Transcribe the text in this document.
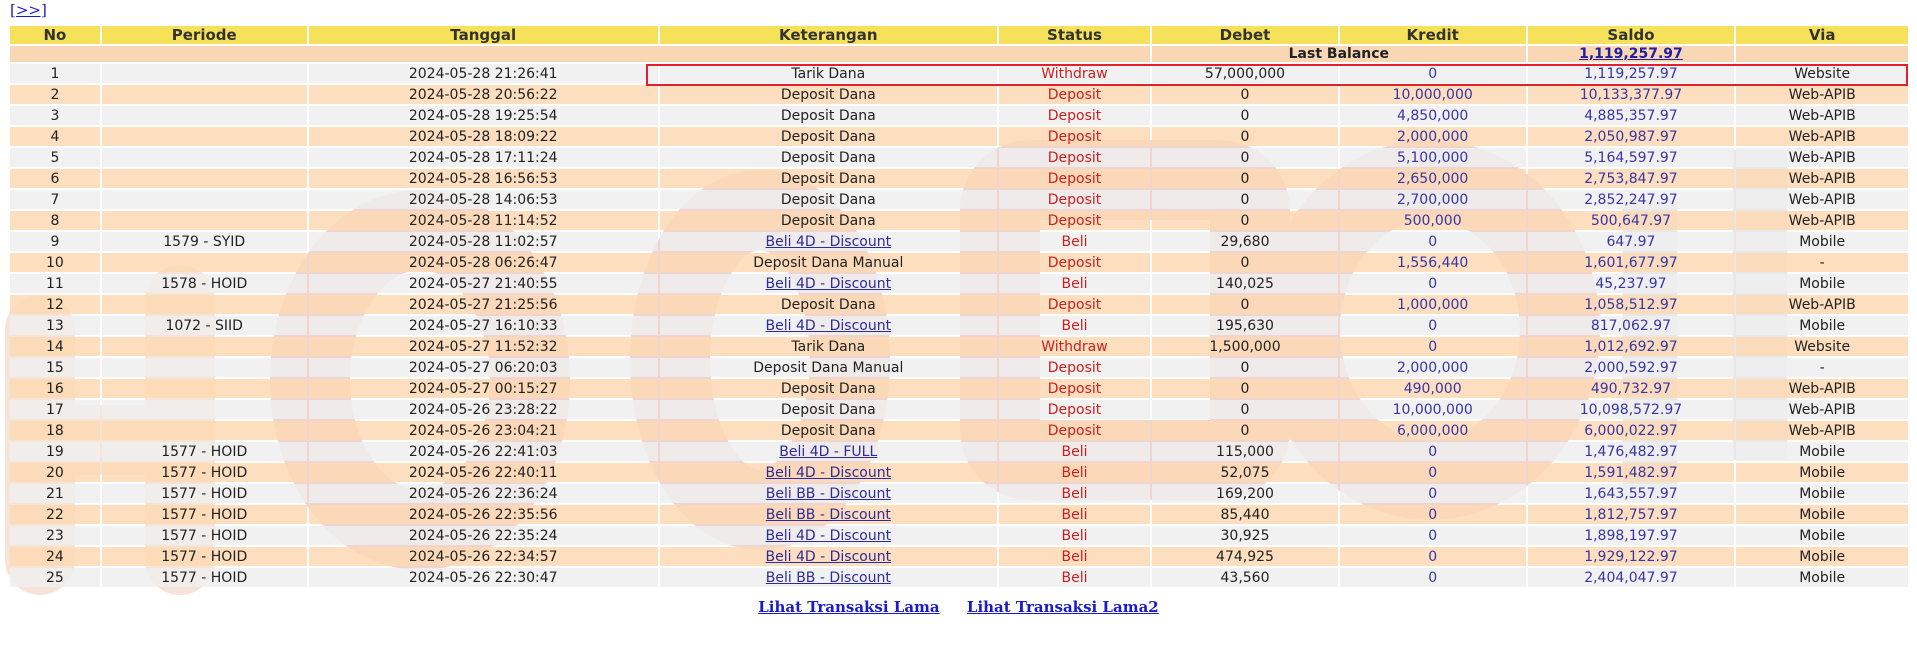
[>>]
No	Periode	Tanggal	Keterangan	Status	Debet	Kredit	Saldo	Via
					Last Balance		1,119,257.97	
1		2024-05-28 21:26:41	Tarik Dana	Withdraw	57,000,000	0	1,119,257.97	Website
2		2024-05-28 20:56:22	Deposit Dana	Deposit	0	10,000,000	10,133,377.97	Web-APIB
3		2024-05-28 19:25:54	Deposit Dana	Deposit	0	4,850,000	4,885,357.97	Web-APIB
4		2024-05-28 18:09:22	Deposit Dana	Deposit	0	2,000,000	2,050,987.97	Web-APIB
5		2024-05-28 17:11:24	Deposit Dana	Deposit	0	5,100,000	5,164,597.97	Web-APIB
6		2024-05-28 16:56:53	Deposit Dana	Deposit	0	2,650,000	2,753,847.97	Web-APIB
7		2024-05-28 14:06:53	Deposit Dana	Deposit	0	2,700,000	2,852,247.97	Web-APIB
8		2024-05-28 11:14:52	Deposit Dana	Deposit	0	500,000	500,647.97	Web-APIB
9	1579 - SYID	2024-05-28 11:02:57	Beli 4D - Discount	Beli	29,680	0	647.97	Mobile
10		2024-05-28 06:26:47	Deposit Dana Manual	Deposit	0	1,556,440	1,601,677.97	-
11	1578 - HOID	2024-05-27 21:40:55	Beli 4D - Discount	Beli	140,025	0	45,237.97	Mobile
12		2024-05-27 21:25:56	Deposit Dana	Deposit	0	1,000,000	1,058,512.97	Web-APIB
13	1072 - SIID	2024-05-27 16:10:33	Beli 4D - Discount	Beli	195,630	0	817,062.97	Mobile
14		2024-05-27 11:52:32	Tarik Dana	Withdraw	1,500,000	0	1,012,692.97	Website
15		2024-05-27 06:20:03	Deposit Dana Manual	Deposit	0	2,000,000	2,000,592.97	-
16		2024-05-27 00:15:27	Deposit Dana	Deposit	0	490,000	490,732.97	Web-APIB
17		2024-05-26 23:28:22	Deposit Dana	Deposit	0	10,000,000	10,098,572.97	Web-APIB
18		2024-05-26 23:04:21	Deposit Dana	Deposit	0	6,000,000	6,000,022.97	Web-APIB
19	1577 - HOID	2024-05-26 22:41:03	Beli 4D - FULL	Beli	115,000	0	1,476,482.97	Mobile
20	1577 - HOID	2024-05-26 22:40:11	Beli 4D - Discount	Beli	52,075	0	1,591,482.97	Mobile
21	1577 - HOID	2024-05-26 22:36:24	Beli BB - Discount	Beli	169,200	0	1,643,557.97	Mobile
22	1577 - HOID	2024-05-26 22:35:56	Beli BB - Discount	Beli	85,440	0	1,812,757.97	Mobile
23	1577 - HOID	2024-05-26 22:35:24	Beli 4D - Discount	Beli	30,925	0	1,898,197.97	Mobile
24	1577 - HOID	2024-05-26 22:34:57	Beli 4D - Discount	Beli	474,925	0	1,929,122.97	Mobile
25	1577 - HOID	2024-05-26 22:30:47	Beli BB - Discount	Beli	43,560	0	2,404,047.97	Mobile
Lihat Transaksi Lama Lihat Transaksi Lama2
